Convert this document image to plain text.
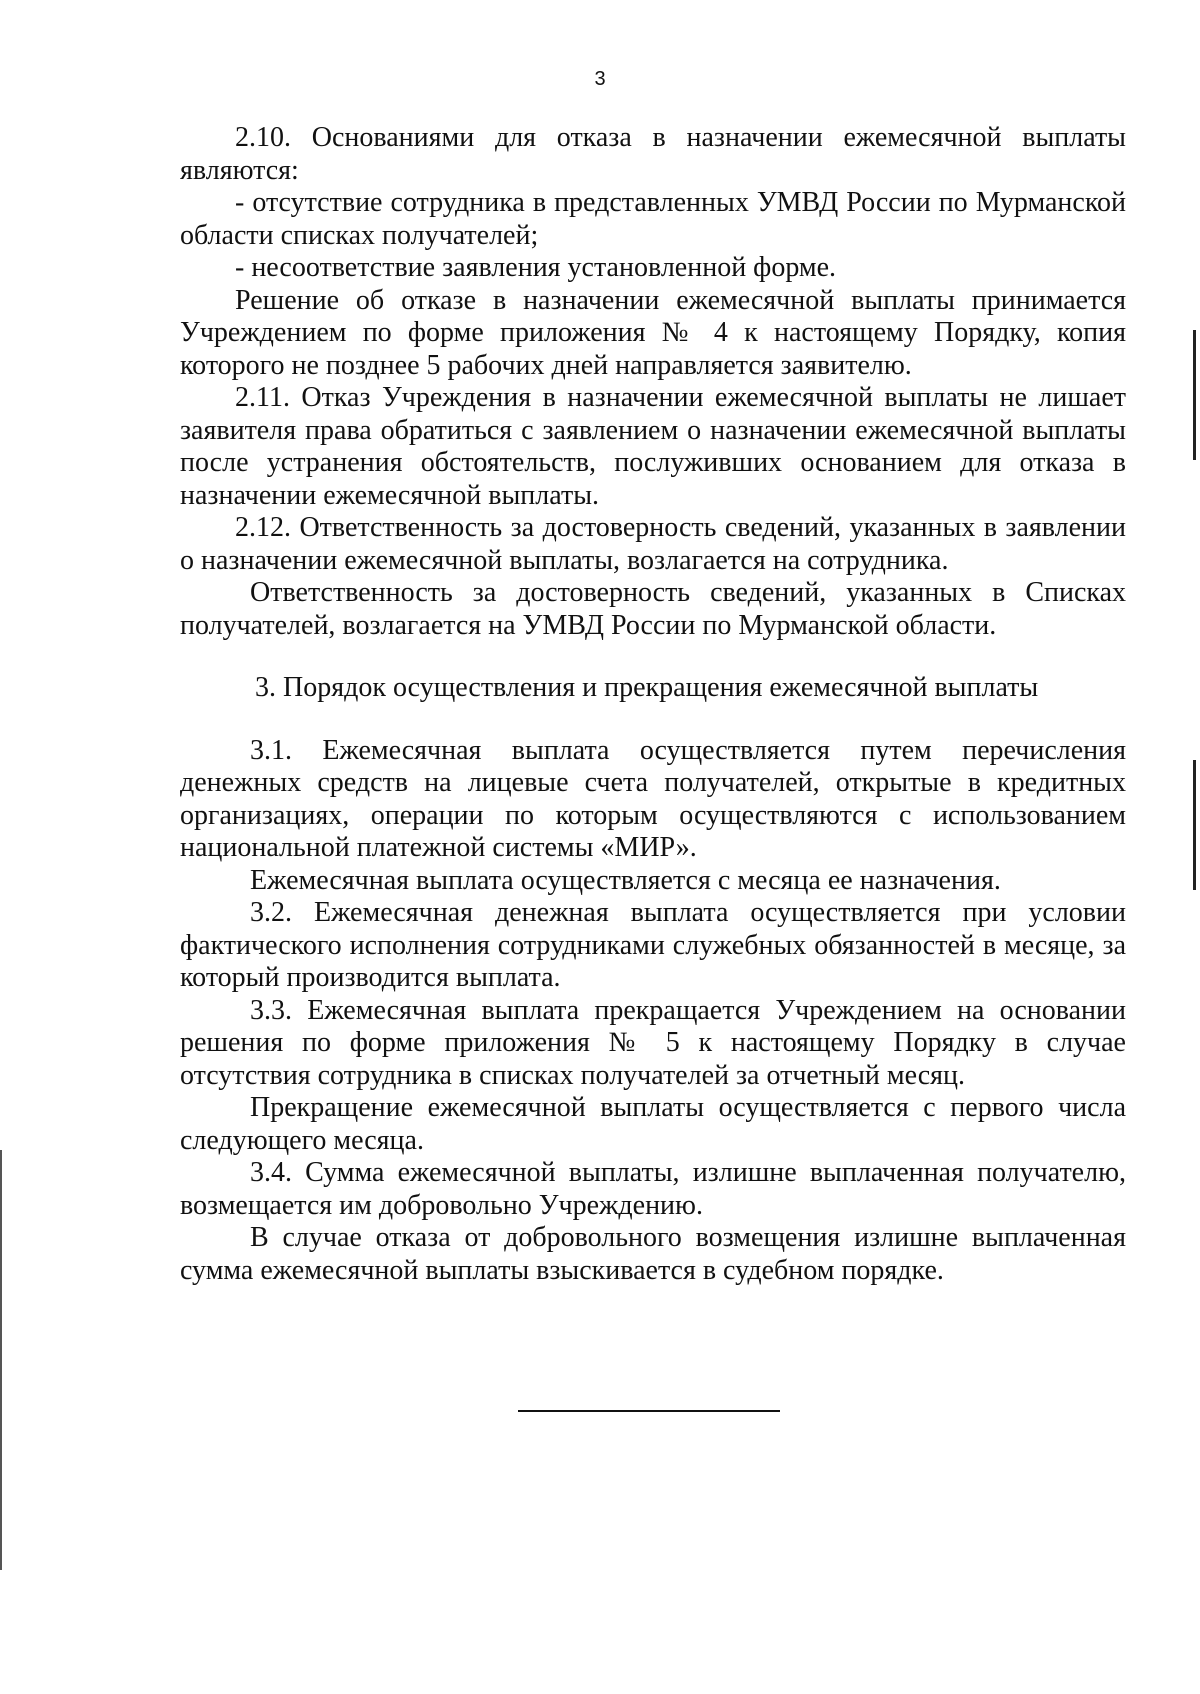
3

2.10. Основаниями для отказа в назначении ежемесячной выплаты являются:

- отсутствие сотрудника в представленных УМВД России по Мурманской области списках получателей;

- несоответствие заявления установленной форме.

Решение об отказе в назначении ежемесячной выплаты принимается Учреждением по форме приложения № 4 к настоящему Порядку, копия которого не позднее 5 рабочих дней направляется заявителю.

2.11. Отказ Учреждения в назначении ежемесячной выплаты не лишает заявителя права обратиться с заявлением о назначении ежемесячной выплаты после устранения обстоятельств, послуживших основанием для отказа в назначении ежемесячной выплаты.

2.12. Ответственность за достоверность сведений, указанных в заявлении о назначении ежемесячной выплаты, возлагается на сотрудника.

Ответственность за достоверность сведений, указанных в Списках получателей, возлагается на УМВД России по Мурманской области.

3. Порядок осуществления и прекращения ежемесячной выплаты

3.1. Ежемесячная выплата осуществляется путем перечисления денежных средств на лицевые счета получателей, открытые в кредитных организациях, операции по которым осуществляются с использованием национальной платежной системы «МИР».

Ежемесячная выплата осуществляется с месяца ее назначения.

3.2. Ежемесячная денежная выплата осуществляется при условии фактического исполнения сотрудниками служебных обязанностей в месяце, за который производится выплата.

3.3. Ежемесячная выплата прекращается Учреждением на основании решения по форме приложения № 5 к настоящему Порядку в случае отсутствия сотрудника в списках получателей за отчетный месяц.

Прекращение ежемесячной выплаты осуществляется с первого числа следующего месяца.

3.4. Сумма ежемесячной выплаты, излишне выплаченная получателю, возмещается им добровольно Учреждению.

В случае отказа от добровольного возмещения излишне выплаченная сумма ежемесячной выплаты взыскивается в судебном порядке.
